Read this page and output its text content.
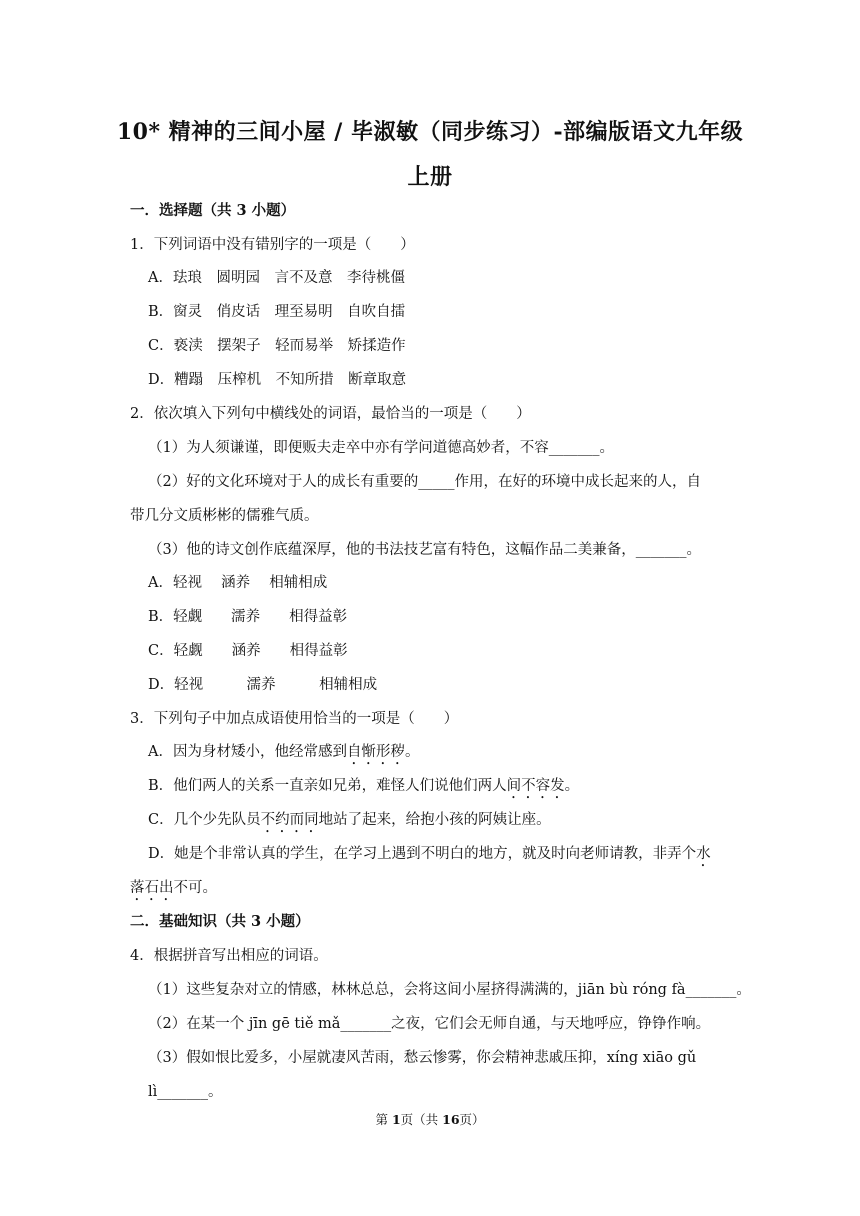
10* 精神的三间小屋 / 毕淑敏（同步练习）-部编版语文九年级
上册
一．选择题（共 3 小题）
1．下列词语中没有错别字的一项是（　　）
A．珐琅　圆明园　言不及意　李待桃僵
B．窗灵　俏皮话　理至易明　自吹自擂
C．亵渎　摆架子　轻而易举　矫揉造作
D．糟蹋　压榨机　不知所措　断章取意
2．依次填入下列句中横线处的词语，最恰当的一项是（　　）
（1）为人须谦谨，即便贩夫走卒中亦有学问道德高妙者，不容_______。
（2）好的文化环境对于人的成长有重要的_____作用，在好的环境中成长起来的人，自
带几分文质彬彬的儒雅气质。
（3）他的诗文创作底蕴深厚，他的书法技艺富有特色，这幅作品二美兼备，_______。
A．轻视　 涵养　 相辅相成
B．轻觑　　濡养　　相得益彰
C．轻觑　　涵养　　相得益彰
D．轻视　　　濡养　　　相辅相成
3．下列句子中加点成语使用恰当的一项是（　　）
A．因为身材矮小，他经常感到自惭形秽。
B．他们两人的关系一直亲如兄弟，难怪人们说他们两人间不容发。
C．几个少先队员不约而同地站了起来，给抱小孩的阿姨让座。
D．她是个非常认真的学生，在学习上遇到不明白的地方，就及时向老师请教，非弄个水
落石出不可。
二．基础知识（共 3 小题）
4．根据拼音写出相应的词语。
（1）这些复杂对立的情感，林林总总，会将这间小屋挤得满满的，jiān bù róng fà_______。
（2）在某一个 jīn gē tiě mǎ_______之夜，它们会无师自通，与天地呼应，铮铮作响。
（3）假如恨比爱多，小屋就凄风苦雨，愁云惨雾，你会精神悲戚压抑，xíng xiāo gǔ
lì_______。
第 1页（共 16页）
